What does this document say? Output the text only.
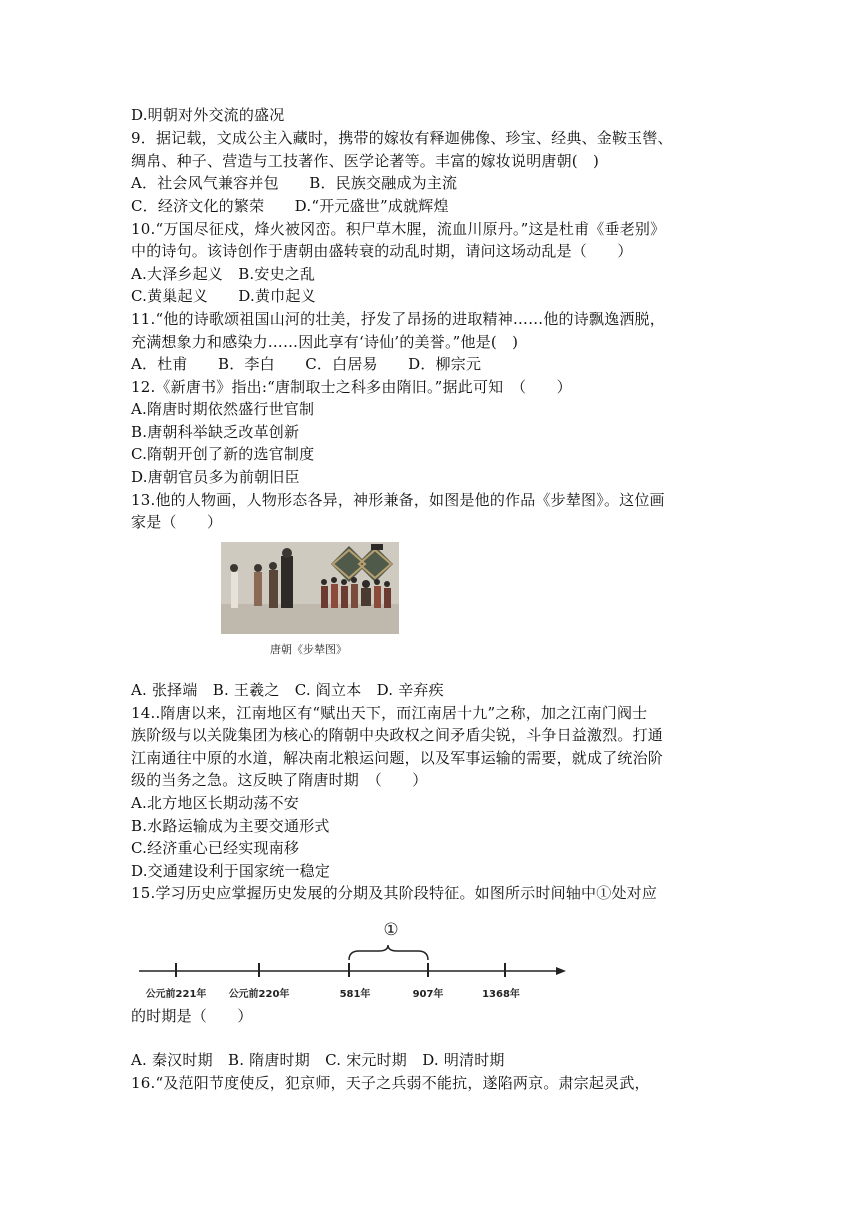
D.明朝对外交流的盛况
9．据记载，文成公主入藏时，携带的嫁妆有释迦佛像、珍宝、经典、金鞍玉辔、
绸帛、种子、营造与工技著作、医学论著等。丰富的嫁妆说明唐朝(　)
A．社会风气兼容并包　　B．民族交融成为主流
C．经济文化的繁荣　　D.“开元盛世”成就辉煌
10.“万国尽征戍，烽火被冈峦。积尸草木腥，流血川原丹。”这是杜甫《垂老别》
中的诗句。该诗创作于唐朝由盛转衰的动乱时期，请问这场动乱是（　　）
A.大泽乡起义　B.安史之乱
C.黄巢起义　　D.黄巾起义
11.“他的诗歌颂祖国山河的壮美，抒发了昂扬的进取精神……他的诗飘逸洒脱，
充满想象力和感染力……因此享有‘诗仙’的美誉。”他是(　)
A．杜甫　　B．李白　　C．白居易　　D．柳宗元
12.《新唐书》指出:“唐制取士之科多由隋旧。”据此可知　（　　）
A.隋唐时期依然盛行世官制
B.唐朝科举缺乏改革创新
C.隋朝开创了新的选官制度
D.唐朝官员多为前朝旧臣
13.他的人物画，人物形态各异，神形兼备，如图是他的作品《步辇图》。这位画
家是（　　）
唐朝《步辇图》
A. 张择端　B. 王羲之　C. 阎立本　D. 辛弃疾
14..隋唐以来，江南地区有“赋出天下，而江南居十九”之称，加之江南门阀士
族阶级与以关陇集团为核心的隋朝中央政权之间矛盾尖锐，斗争日益激烈。打通
江南通往中原的水道，解决南北粮运问题，以及军事运输的需要，就成了统治阶
级的当务之急。这反映了隋唐时期　（　　）
A.北方地区长期动荡不安
B.水路运输成为主要交通形式
C.经济重心已经实现南移
D.交通建设利于国家统一稳定
15.学习历史应掌握历史发展的分期及其阶段特征。如图所示时间轴中①处对应
①
公元前221年 公元前220年	581年	907年	1368年
的时期是（　　）
A. 秦汉时期　B. 隋唐时期　C. 宋元时期　D. 明清时期
16.“及范阳节度使反，犯京师，天子之兵弱不能抗，遂陷两京。肃宗起灵武，
